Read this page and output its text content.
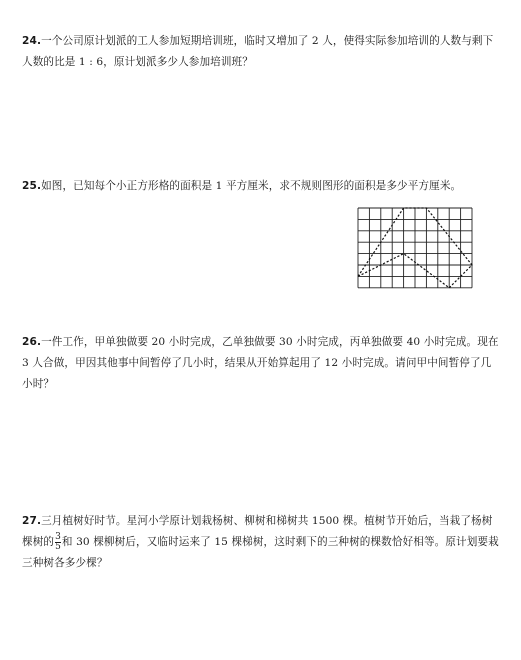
24.一个公司原计划派的工人参加短期培训班，临时又增加了 2 人，使得实际参加培训的人数与剩下人数的比是 1 : 6，原计划派多少人参加培训班？
25.如图，已知每个小正方形格的面积是 1 平方厘米，求不规则图形的面积是多少平方厘米。
26.一件工作，甲单独做要 20 小时完成，乙单独做要 30 小时完成，丙单独做要 40 小时完成。现在 3 人合做，甲因其他事中间暂停了几小时，结果从开始算起用了 12 小时完成。请问甲中间暂停了几小时？
27.三月植树好时节。星河小学原计划栽杨树、柳树和梯树共 1500 棵。植树节开始后，当栽了杨树棵树的 $\frac{3}{5}$ 和 30 棵柳树后，又临时运来了 15 棵梯树，这时剩下的三种树的棵数恰好相等。原计划要栽三种树各多少棵？
